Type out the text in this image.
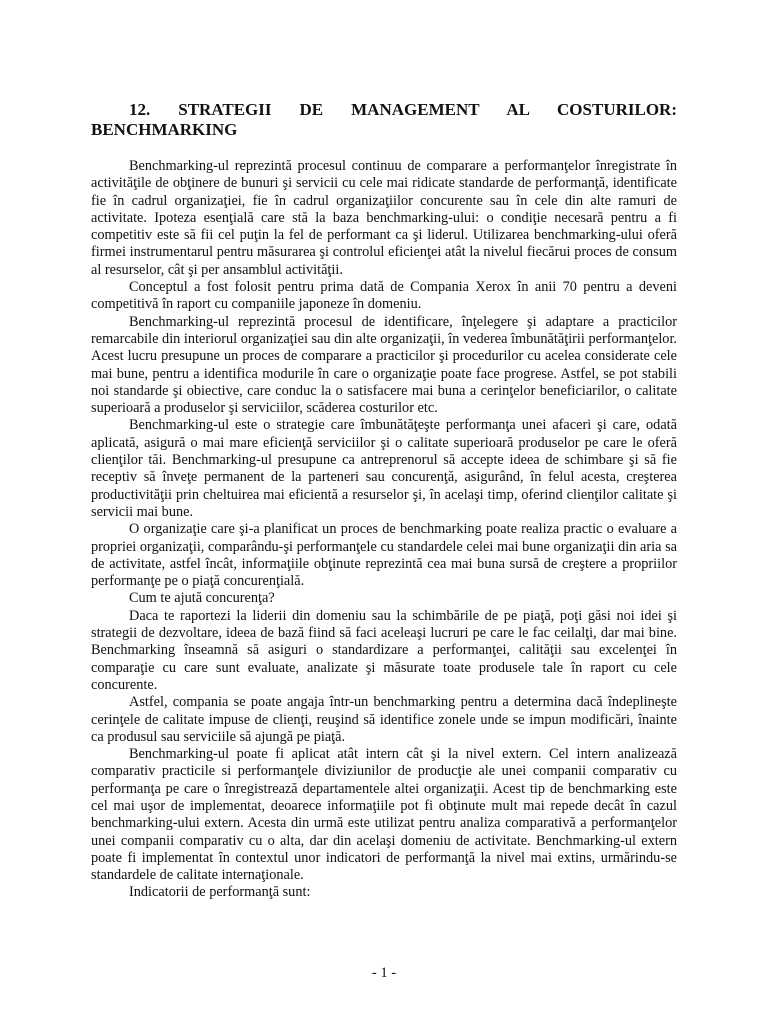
12. STRATEGII DE MANAGEMENT AL COSTURILOR:
BENCHMARKING

Benchmarking-ul reprezintă procesul continuu de comparare a performanţelor înregistrate în activităţile de obţinere de bunuri şi servicii cu cele mai ridicate standarde de performanţă, identificate fie în cadrul organizaţiei, fie în cadrul organizaţiilor concurente sau în cele din alte ramuri de activitate. Ipoteza esenţială care stă la baza benchmarking-ului: o condiţie necesară pentru a fi competitiv este să fii cel puţin la fel de performant ca şi liderul. Utilizarea benchmarking-ului oferă firmei instrumentarul pentru măsurarea şi controlul eficienţei atât la nivelul fiecărui proces de consum al resurselor, cât şi per ansamblul activităţii.

Conceptul a fost folosit pentru prima dată de Compania Xerox în anii 70 pentru a deveni competitivă în raport cu companiile japoneze în domeniu.

Benchmarking-ul reprezintă procesul de identificare, înţelegere şi adaptare a practicilor remarcabile din interiorul organizaţiei sau din alte organizaţii, în vederea îmbunătăţirii performanţelor. Acest lucru presupune un proces de comparare a practicilor şi procedurilor cu acelea considerate cele mai bune, pentru a identifica modurile în care o organizaţie poate face progrese. Astfel, se pot stabili noi standarde şi obiective, care conduc la o satisfacere mai buna a cerinţelor beneficiarilor, o calitate superioară a produselor şi serviciilor, scăderea costurilor etc.

Benchmarking-ul este o strategie care îmbunătăţeşte performanţa unei afaceri şi care, odată aplicată, asigură o mai mare eficienţă serviciilor şi o calitate superioară produselor pe care le oferă clienţilor tăi. Benchmarking-ul presupune ca antreprenorul să accepte ideea de schimbare şi să fie receptiv să înveţe permanent de la parteneri sau concurenţă, asigurând, în felul acesta, creşterea productivităţii prin cheltuirea mai eficientă a resurselor şi, în acelaşi timp, oferind clienţilor calitate şi servicii mai bune.

O organizaţie care şi-a planificat un proces de benchmarking poate realiza practic o evaluare a propriei organizaţii, comparându-şi performanţele cu standardele celei mai bune organizaţii din aria sa de activitate, astfel încât, informaţiile obţinute reprezintă cea mai buna sursă de creştere a propriilor performanţe pe o piaţă concurenţială.

Cum te ajută concurenţa?

Daca te raportezi la liderii din domeniu sau la schimbările de pe piaţă, poţi găsi noi idei şi strategii de dezvoltare, ideea de bază fiind să faci aceleaşi lucruri pe care le fac ceilalţi, dar mai bine. Benchmarking înseamnă să asiguri o standardizare a performanţei, calităţii sau excelenţei în comparaţie cu care sunt evaluate, analizate şi măsurate toate produsele tale în raport cu cele concurente.

Astfel, compania se poate angaja într-un benchmarking pentru a determina dacă îndeplineşte cerinţele de calitate impuse de clienţi, reuşind să identifice zonele unde se impun modificări, înainte ca produsul sau serviciile să ajungă pe piaţă.

Benchmarking-ul poate fi aplicat atât intern cât şi la nivel extern. Cel intern analizează comparativ practicile si performanţele diviziunilor de producţie ale unei companii comparativ cu performanţa pe care o înregistrează departamentele altei organizaţii. Acest tip de benchmarking este cel mai uşor de implementat, deoarece informaţiile pot fi obţinute mult mai repede decât în cazul benchmarking-ului extern. Acesta din urmă este utilizat pentru analiza comparativă a performanţelor unei companii comparativ cu o alta, dar din acelaşi domeniu de activitate. Benchmarking-ul extern poate fi implementat în contextul unor indicatori de performanţă la nivel mai extins, urmărindu-se standardele de calitate internaţionale.

Indicatorii de performanţă sunt:

- 1 -
